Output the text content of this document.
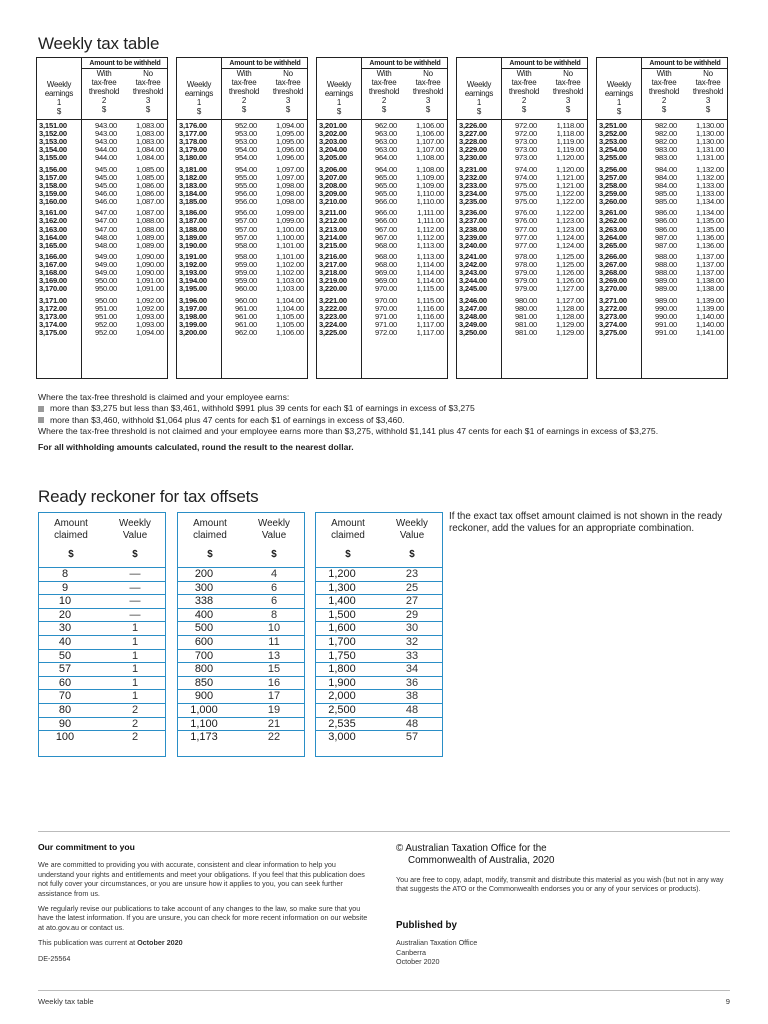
Weekly tax table
Amount to be withheld
Weekly
earnings
1
$
With
tax-free
threshold
2
$
No
tax-free
threshold
3
$
3,151.00	943.00	1,083.00
3,152.00	943.00	1,083.00
3,153.00	943.00	1,083.00
3,154.00	944.00	1,084.00
3,155.00	944.00	1,084.00
3,156.00	945.00	1,085.00
3,157.00	945.00	1,085.00
3,158.00	945.00	1,086.00
3,159.00	946.00	1,086.00
3,160.00	946.00	1,087.00
3,161.00	947.00	1,087.00
3,162.00	947.00	1,088.00
3,163.00	947.00	1,088.00
3,164.00	948.00	1,089.00
3,165.00	948.00	1,089.00
3,166.00	949.00	1,090.00
3,167.00	949.00	1,090.00
3,168.00	949.00	1,090.00
3,169.00	950.00	1,091.00
3,170.00	950.00	1,091.00
3,171.00	950.00	1,092.00
3,172.00	951.00	1,092.00
3,173.00	951.00	1,093.00
3,174.00	952.00	1,093.00
3,175.00	952.00	1,094.00
Amount to be withheld
Weekly
earnings
1
$
With
tax-free
threshold
2
$
No
tax-free
threshold
3
$
3,176.00	952.00	1,094.00
3,177.00	953.00	1,095.00
3,178.00	953.00	1,095.00
3,179.00	954.00	1,096.00
3,180.00	954.00	1,096.00
3,181.00	954.00	1,097.00
3,182.00	955.00	1,097.00
3,183.00	955.00	1,098.00
3,184.00	956.00	1,098.00
3,185.00	956.00	1,098.00
3,186.00	956.00	1,099.00
3,187.00	957.00	1,099.00
3,188.00	957.00	1,100.00
3,189.00	957.00	1,100.00
3,190.00	958.00	1,101.00
3,191.00	958.00	1,101.00
3,192.00	959.00	1,102.00
3,193.00	959.00	1,102.00
3,194.00	959.00	1,103.00
3,195.00	960.00	1,103.00
3,196.00	960.00	1,104.00
3,197.00	961.00	1,104.00
3,198.00	961.00	1,105.00
3,199.00	961.00	1,105.00
3,200.00	962.00	1,106.00
Amount to be withheld
Weekly
earnings
1
$
With
tax-free
threshold
2
$
No
tax-free
threshold
3
$
3,201.00	962.00	1,106.00
3,202.00	963.00	1,106.00
3,203.00	963.00	1,107.00
3,204.00	963.00	1,107.00
3,205.00	964.00	1,108.00
3,206.00	964.00	1,108.00
3,207.00	965.00	1,109.00
3,208.00	965.00	1,109.00
3,209.00	965.00	1,110.00
3,210.00	966.00	1,110.00
3,211.00	966.00	1,111.00
3,212.00	966.00	1,111.00
3,213.00	967.00	1,112.00
3,214.00	967.00	1,112.00
3,215.00	968.00	1,113.00
3,216.00	968.00	1,113.00
3,217.00	968.00	1,114.00
3,218.00	969.00	1,114.00
3,219.00	969.00	1,114.00
3,220.00	970.00	1,115.00
3,221.00	970.00	1,115.00
3,222.00	970.00	1,116.00
3,223.00	971.00	1,116.00
3,224.00	971.00	1,117.00
3,225.00	972.00	1,117.00
Amount to be withheld
Weekly
earnings
1
$
With
tax-free
threshold
2
$
No
tax-free
threshold
3
$
3,226.00	972.00	1,118.00
3,227.00	972.00	1,118.00
3,228.00	973.00	1,119.00
3,229.00	973.00	1,119.00
3,230.00	973.00	1,120.00
3,231.00	974.00	1,120.00
3,232.00	974.00	1,121.00
3,233.00	975.00	1,121.00
3,234.00	975.00	1,122.00
3,235.00	975.00	1,122.00
3,236.00	976.00	1,122.00
3,237.00	976.00	1,123.00
3,238.00	977.00	1,123.00
3,239.00	977.00	1,124.00
3,240.00	977.00	1,124.00
3,241.00	978.00	1,125.00
3,242.00	978.00	1,125.00
3,243.00	979.00	1,126.00
3,244.00	979.00	1,126.00
3,245.00	979.00	1,127.00
3,246.00	980.00	1,127.00
3,247.00	980.00	1,128.00
3,248.00	981.00	1,128.00
3,249.00	981.00	1,129.00
3,250.00	981.00	1,129.00
Amount to be withheld
Weekly
earnings
1
$
With
tax-free
threshold
2
$
No
tax-free
threshold
3
$
3,251.00	982.00	1,130.00
3,252.00	982.00	1,130.00
3,253.00	982.00	1,130.00
3,254.00	983.00	1,131.00
3,255.00	983.00	1,131.00
3,256.00	984.00	1,132.00
3,257.00	984.00	1,132.00
3,258.00	984.00	1,133.00
3,259.00	985.00	1,133.00
3,260.00	985.00	1,134.00
3,261.00	986.00	1,134.00
3,262.00	986.00	1,135.00
3,263.00	986.00	1,135.00
3,264.00	987.00	1,136.00
3,265.00	987.00	1,136.00
3,266.00	988.00	1,137.00
3,267.00	988.00	1,137.00
3,268.00	988.00	1,137.00
3,269.00	989.00	1,138.00
3,270.00	989.00	1,138.00
3,271.00	989.00	1,139.00
3,272.00	990.00	1,139.00
3,273.00	990.00	1,140.00
3,274.00	991.00	1,140.00
3,275.00	991.00	1,141.00
Where the tax-free threshold is claimed and your employee earns:
more than $3,275 but less than $3,461, withhold $991 plus 39 cents for each $1 of earnings in excess of $3,275
more than $3,460, withhold $1,064 plus 47 cents for each $1 of earnings in excess of $3,460.
Where the tax-free threshold is not claimed and your employee earns more than $3,275, withhold $1,141 plus 47 cents for each $1 of earnings in excess of $3,275.
For all withholding amounts calculated, round the result to the nearest dollar.
Ready reckoner for tax offsets
Amount
claimed
Weekly
Value
$	$
8	—
9	—
10	—
20	—
30	1
40	1
50	1
57	1
60	1
70	1
80	2
90	2
100	2
Amount
claimed
Weekly
Value
$	$
200	4
300	6
338	6
400	8
500	10
600	11
700	13
800	15
850	16
900	17
1,000	19
1,100	21
1,173	22
Amount
claimed
Weekly
Value
$	$
1,200	23
1,300	25
1,400	27
1,500	29
1,600	30
1,700	32
1,750	33
1,800	34
1,900	36
2,000	38
2,500	48
2,535	48
3,000	57
If the exact tax offset amount claimed is not shown in the ready reckoner, add the values for an appropriate combination.
Our commitment to you

We are committed to providing you with accurate, consistent and clear information to help you understand your rights and entitlements and meet your obligations. If you feel that this publication does not fully cover your circumstances, or you are unsure how it applies to you, you can seek further assistance from us.

We regularly revise our publications to take account of any changes to the law, so make sure that you have the latest information. If you are unsure, you can check for more recent information on our website at ato.gov.au or contact us.

This publication was current at October 2020

DE-25564

© Australian Taxation Office for the
Commonwealth of Australia, 2020

You are free to copy, adapt, modify, transmit and distribute this material as you wish (but not in any way that suggests the ATO or the Commonwealth endorses you or any of your services or products).

Published by
Australian Taxation Office
Canberra
October 2020
Weekly tax table	9
